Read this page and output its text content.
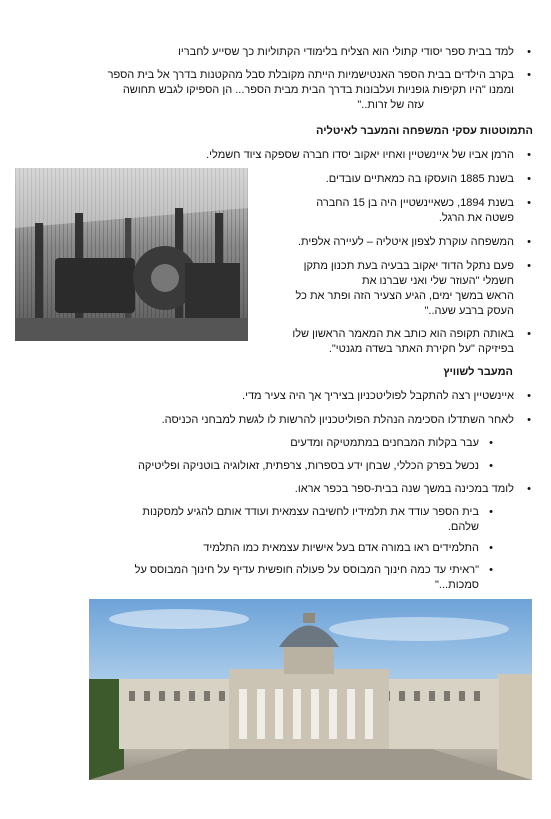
•
למד בבית ספר יסודי קתולי הוא הצליח בלימודי הקתוליות כך שסייע לחבריו
•
בקרב הילדים בבית הספר האנטישמיות הייתה מקובלת סבל מהקטנות בדרך אל בית הספר
וממנו "היו תקיפות גופניות ועלבונות בדרך הבית מבית הספר... הן הספיקו לגבש תחושה
עזה של זרות.."
התמוטטות עסקי המשפחה והמעבר לאיטליה
•
הרמן אביו של איינשטיין ואחיו יאקוב יסדו חברה שספקה ציוד חשמלי.
•
בשנת 1885 הועסקו בה כמאתיים עובדים.
•
בשנת 1894, כשאיינשטיין היה בן 15 החברה
פשטה את הרגל.
•
המשפחה עוקרת לצפון איטליה – לעיירה אלפית.
•
פעם נתקל הדוד יאקוב בבעיה בעת תכנון מתקן
חשמלי "העוזר שלי ואני שברנו את
הראש במשך ימים, הגיע הצעיר הזה ופתר את כל
העסק ברבע שעה.."
•
באותה תקופה הוא כותב את המאמר הראשון שלו
בפיזיקה "על חקירת האתר בשדה מגנטי".
המעבר לשוויץ
•
איינשטיין רצה להתקבל לפוליטכניון בציריך אך היה צעיר מדי.
•
לאחר השתדלו הסכימה הנהלת הפוליטכניון להרשות לו לגשת למבחני הכניסה.
•
עבר בקלות המבחנים במתמטיקה ומדעים
•
נכשל בפרק הכללי, שבחן ידע בספרות, צרפתית, זאולוגיה בוטניקה ופליטיקה
•
לומד במכינה במשך שנה בבית-ספר בכפר אראו.
•
בית הספר עודד את תלמידיו לחשיבה עצמאית ועודד אותם להגיע למסקנות
שלהם.
•
התלמידים ראו במורה אדם בעל אישיות עצמאית כמו התלמיד
•
"ראיתי עד כמה חינוך המבוסס על פעולה חופשית עדיף על חינוך המבוסס על
סמכות..."
